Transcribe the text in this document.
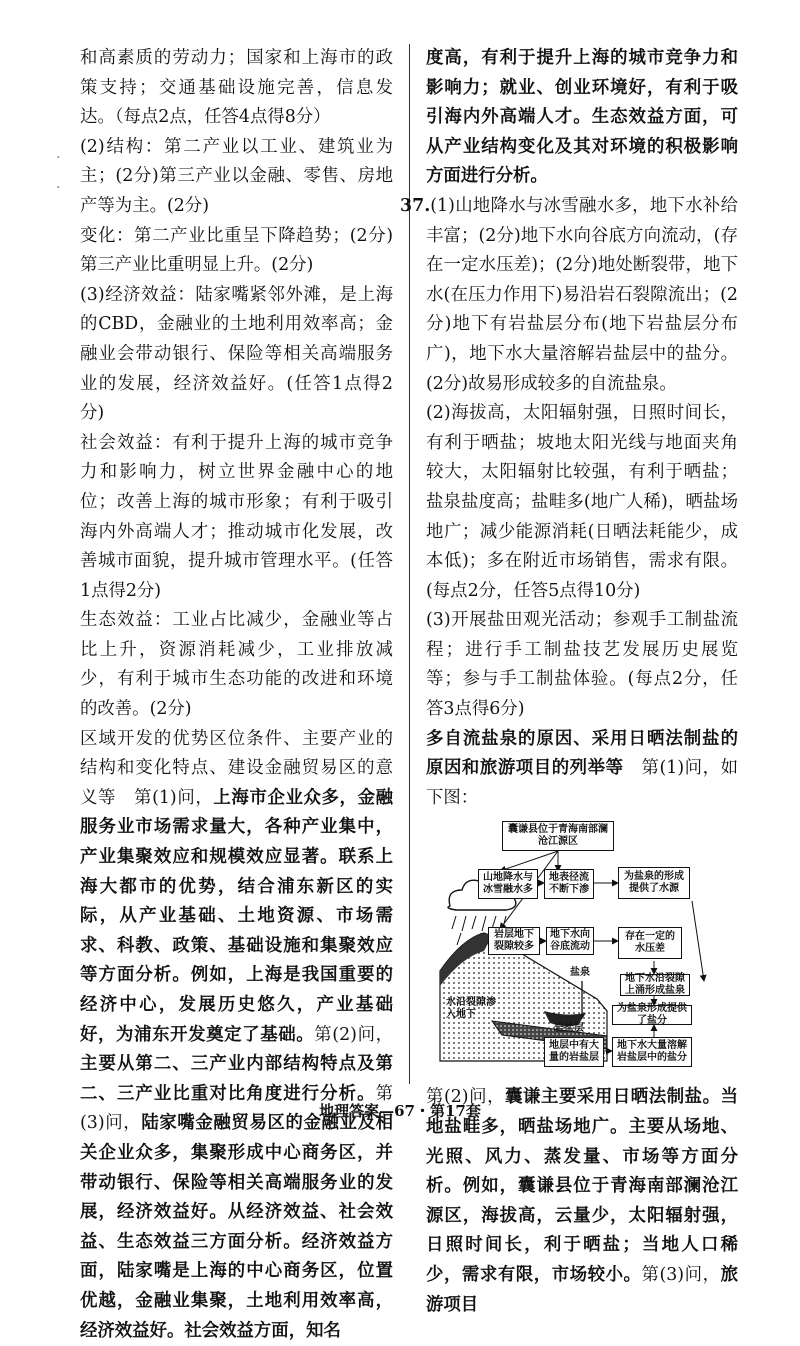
·
·

和高素质的劳动力；国家和上海市的政策支持；交通基础设施完善，信息发达。（每点2点，任答4点得8分）

(2)结构：第二产业以工业、建筑业为主；(2分)第三产业以金融、零售、房地产等为主。(2分)

变化：第二产业比重呈下降趋势；(2分)第三产业比重明显上升。(2分)

(3)经济效益：陆家嘴紧邻外滩，是上海的CBD，金融业的土地利用效率高；金融业会带动银行、保险等相关高端服务业的发展，经济效益好。(任答1点得2分)

社会效益：有利于提升上海的城市竞争力和影响力，树立世界金融中心的地位；改善上海的城市形象；有利于吸引海内外高端人才；推动城市化发展，改善城市面貌，提升城市管理水平。(任答1点得2分)

生态效益：工业占比减少，金融业等占比上升，资源消耗减少，工业排放减少，有利于城市生态功能的改进和环境的改善。(2分)

区域开发的优势区位条件、主要产业的结构和变化特点、建设金融贸易区的意义等　第(1)问，上海市企业众多，金融服务业市场需求量大，各种产业集中，产业集聚效应和规模效应显著。联系上海大都市的优势，结合浦东新区的实际，从产业基础、土地资源、市场需求、科教、政策、基础设施和集聚效应等方面分析。例如，上海是我国重要的经济中心，发展历史悠久，产业基础好，为浦东开发奠定了基础。第(2)问，主要从第二、三产业内部结构特点及第二、三产业比重对比角度进行分析。第(3)问，陆家嘴金融贸易区的金融业及相关企业众多，集聚形成中心商务区，并带动银行、保险等相关高端服务业的发展，经济效益好。从经济效益、社会效益、生态效益三方面分析。经济效益方面，陆家嘴是上海的中心商务区，位置优越，金融业集聚，土地利用效率高，经济效益好。社会效益方面，知名

度高，有利于提升上海的城市竞争力和影响力；就业、创业环境好，有利于吸引海内外高端人才。生态效益方面，可从产业结构变化及其对环境的积极影响方面进行分析。

37.(1)山地降水与冰雪融水多，地下水补给丰富；(2分)地下水向谷底方向流动，(存在一定水压差)；(2分)地处断裂带，地下水(在压力作用下)易沿岩石裂隙流出；(2分)地下有岩盐层分布(地下岩盐层分布广)，地下水大量溶解岩盐层中的盐分。(2分)故易形成较多的自流盐泉。

(2)海拔高，太阳辐射强，日照时间长，有利于晒盐；坡地太阳光线与地面夹角较大，太阳辐射比较强，有利于晒盐；盐泉盐度高；盐畦多(地广人稀)，晒盐场地广；减少能源消耗(日晒法耗能少，成本低)；多在附近市场销售，需求有限。(每点2分，任答5点得10分)

(3)开展盐田观光活动；参观手工制盐流程；进行手工制盐技艺发展历史展览等；参与手工制盐体验。(每点2分，任答3点得6分)

多自流盐泉的原因、采用日晒法制盐的原因和旅游项目的列举等　第(1)问，如下图：

囊谦县位于青海南部澜沧江源区
山地降水与冰雪融水多
地表径流不断下渗
为盐泉的形成提供了水源
岩层地下裂隙较多
地下水向谷底流动
存在一定的水压差
地下水沿裂隙上涌形成盐泉
为盐泉形成提供了盐分
地层中有大量的岩盐层
地下水大量溶解岩盐层中的盐分
盐泉
水沿裂隙渗入地下
岩盐层

第(2)问，囊谦主要采用日晒法制盐。当地盐畦多，晒盐场地广。主要从场地、光照、风力、蒸发量、市场等方面分析。例如，囊谦县位于青海南部澜沧江源区，海拔高，云量少，太阳辐射强，日照时间长，利于晒盐；当地人口稀少，需求有限，市场较小。第(3)问，旅游项目

地理答案—67・第17套
